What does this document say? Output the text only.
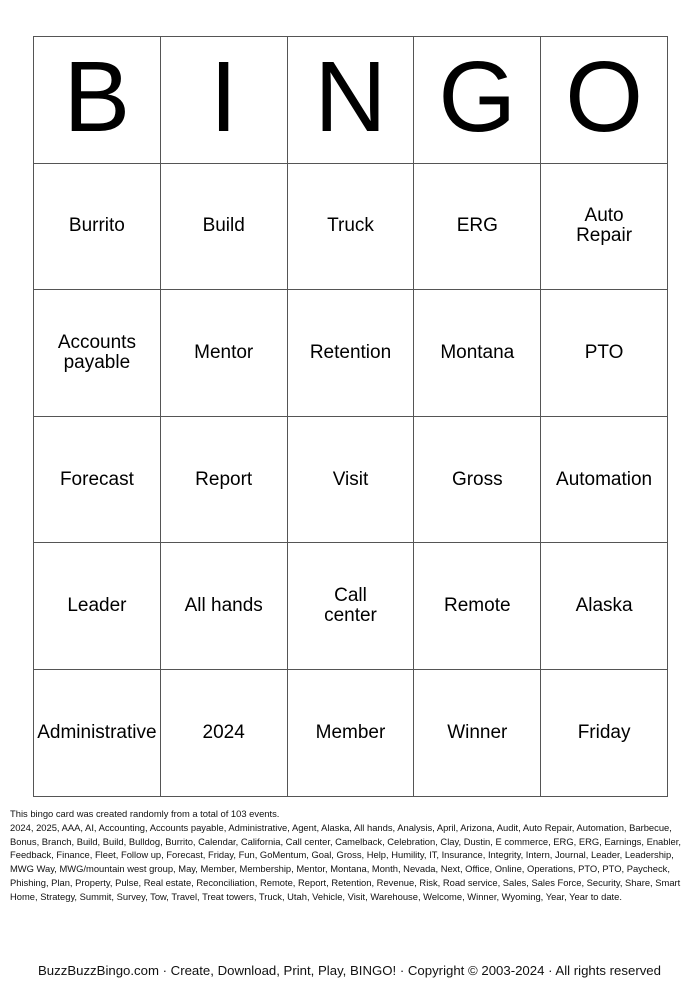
B	I	N	G	O
Burrito	Build	Truck	ERG	Auto Repair
Accounts payable	Mentor	Retention	Montana	PTO
Forecast	Report	Visit	Gross	Automation
Leader	All hands	Call center	Remote	Alaska
Administrative	2024	Member	Winner	Friday

This bingo card was created randomly from a total of 103 events.

2024, 2025, AAA, AI, Accounting, Accounts payable, Administrative, Agent, Alaska, All hands, Analysis, April, Arizona, Audit, Auto Repair, Automation, Barbecue, Bonus, Branch, Build, Build, Bulldog, Burrito, Calendar, California, Call center, Camelback, Celebration, Clay, Dustin, E commerce, ERG, ERG, Earnings, Enabler, Feedback, Finance, Fleet, Follow up, Forecast, Friday, Fun, GoMentum, Goal, Gross, Help, Humility, IT, Insurance, Integrity, Intern, Journal, Leader, Leadership, MWG Way, MWG/mountain west group, May, Member, Membership, Mentor, Montana, Month, Nevada, Next, Office, Online, Operations, PTO, PTO, Paycheck, Phishing, Plan, Property, Pulse, Real estate, Reconciliation, Remote, Report, Retention, Revenue, Risk, Road service, Sales, Sales Force, Security, Share, Smart Home, Strategy, Summit, Survey, Tow, Travel, Treat towers, Truck, Utah, Vehicle, Visit, Warehouse, Welcome, Winner, Wyoming, Year, Year to date.

BuzzBuzzBingo.com · Create, Download, Print, Play, BINGO! · Copyright © 2003-2024 · All rights reserved
